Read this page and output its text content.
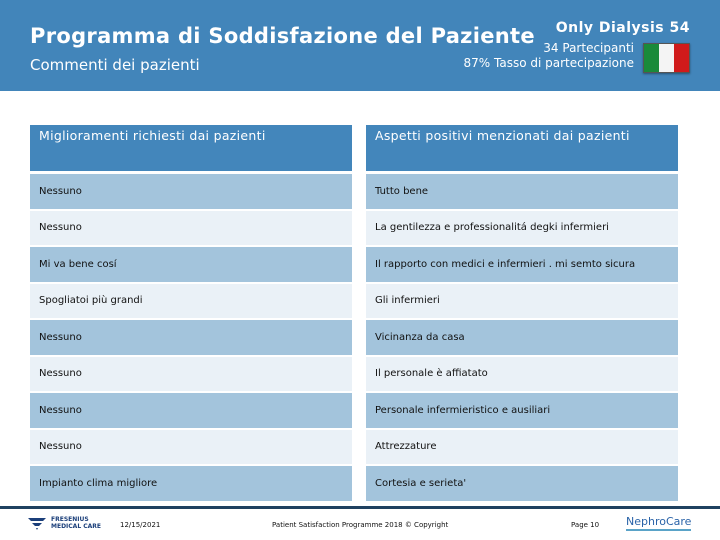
Programma di Soddisfazione del Paziente
Commenti dei pazienti
Only Dialysis 54
34 Partecipanti
87% Tasso di partecipazione
Miglioramenti richiesti dai pazienti	Aspetti positivi menzionati dai pazienti
Nessuno	Tutto bene
Nessuno	La gentilezza e professionalitá degki infermieri
Mi va bene cosí	Il rapporto con medici e infermieri . mi semto sicura
Spogliatoi più grandi	Gli infermieri
Nessuno	Vicinanza da casa
Nessuno	Il personale è affiatato
Nessuno	Personale infermieristico e ausiliari
Nessuno	Attrezzature
Impianto clima migliore	Cortesia e serieta'
FRESENIUS
MEDICAL CARE	12/15/2021	Patient Satisfaction Programme 2018 © Copyright	Page 10 NephroCare
